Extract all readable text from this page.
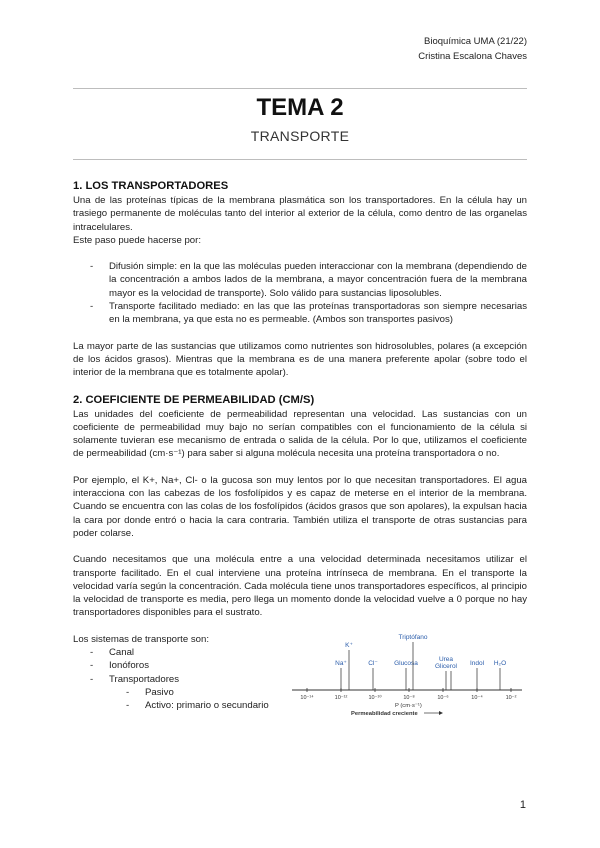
Bioquímica UMA (21/22)
Cristina Escalona Chaves
TEMA 2
TRANSPORTE
1. LOS TRANSPORTADORES

Una de las proteínas típicas de la membrana plasmática son los transportadores. En la célula hay un trasiego permanente de moléculas tanto del interior al exterior de la célula, como dentro de las organelas intracelulares.

Este paso puede hacerse por:

- Difusión simple: en la que las moléculas pueden interaccionar con la membrana (dependiendo de la concentración a ambos lados de la membrana, a mayor concentración fuera de la membrana mayor es la velocidad de transporte). Solo válido para sustancias liposolubles.
- Transporte facilitado mediado: en las que las proteínas transportadoras son siempre necesarias en la membrana, ya que esta no es permeable. (Ambos son transportes pasivos)

La mayor parte de las sustancias que utilizamos como nutrientes son hidrosolubles, polares (a excepción de los ácidos grasos). Mientras que la membrana es de una manera preferente apolar (sobre todo el interior de la membrana que es totalmente apolar).

2. COEFICIENTE DE PERMEABILIDAD (CM/S)

Las unidades del coeficiente de permeabilidad representan una velocidad. Las sustancias con un coeficiente de permeabilidad muy bajo no serían compatibles con el funcionamiento de la célula si solamente tuvieran ese mecanismo de entrada o salida de la célula. Por lo que, utilizamos el coeficiente de permeabilidad (cm·s⁻¹) para saber si alguna molécula necesita una proteína transportadora o no.

Por ejemplo, el K+, Na+, Cl- o la gucosa son muy lentos por lo que necesitan transportadores. El agua interacciona con las cabezas de los fosfolípidos y es capaz de meterse en el interior de la membrana. Cuando se encuentra con las colas de los fosfolípidos (ácidos grasos que son apolares), la expulsan hacia la cara por donde entró o hacia la cara contraria. También utiliza el transporte de otras sustancias para poder colarse.

Cuando necesitamos que una molécula entre a una velocidad determinada necesitamos utilizar el transporte facilitado. En el cual interviene una proteína intrínseca de membrana. En el transporte la velocidad varía según la concentración. Cada molécula tiene unos transportadores específicos, al principio la velocidad de transporte es media, pero llega un momento donde la velocidad vuelve a 0 porque no hay transportadores disponibles para el sustrato.

Los sistemas de transporte son:

- Canal
- Ionóforos
- Transportadores
- Pasivo
- Activo: primario o secundario
Triptófano
K⁺
Na⁺	Cl⁻	Glucosa
Urea
Glicerol Indol H₂O
10⁻¹⁴	10⁻¹²	10⁻¹⁰	10⁻⁸	10⁻⁶	10⁻⁴	10⁻²
P (cm·s⁻¹)
Permeabilidad creciente
1
